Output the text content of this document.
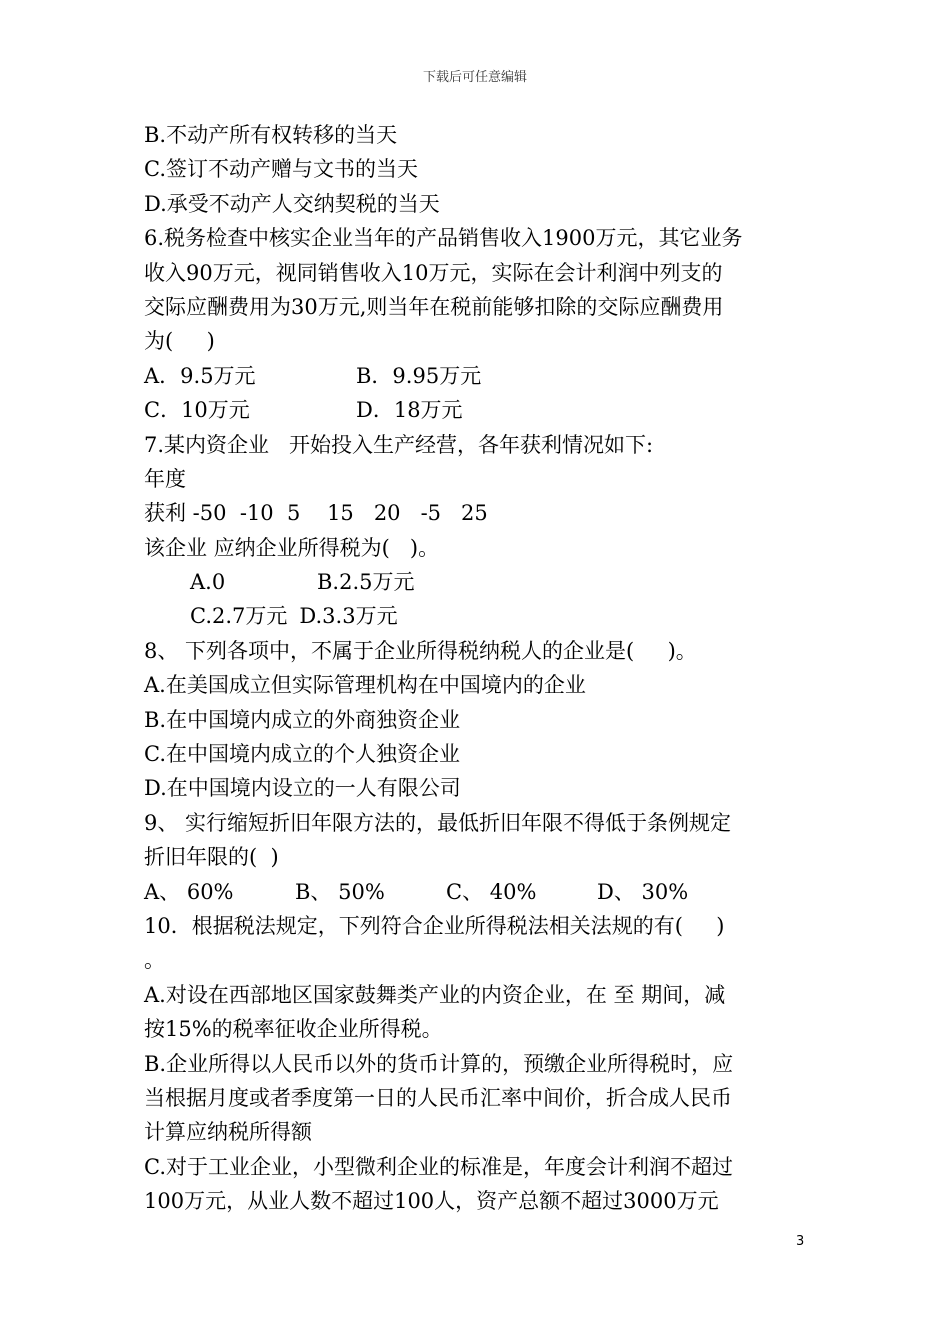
下载后可任意编辑
B.不动产所有权转移的当天
C.签订不动产赠与文书的当天
D.承受不动产人交纳契税的当天
6.税务检查中核实企业当年的产品销售收入1900万元，其它业务
收入90万元，视同销售收入10万元，实际在会计利润中列支的
交际应酬费用为30万元,则当年在税前能够扣除的交际应酬费用
为(     )
A．9.5万元	B．9.95万元
C．10万元	D．18万元
7.某内资企业   开始投入生产经营，各年获利情况如下:
年度
获利 -50  -10  5    15   20   -5   25
该企业 应纳企业所得税为(   )。
A.0	B.2.5万元
C.2.7万元 D.3.3万元
8、 下列各项中，不属于企业所得税纳税人的企业是(     )。
A.在美国成立但实际管理机构在中国境内的企业
B.在中国境内成立的外商独资企业
C.在中国境内成立的个人独资企业
D.在中国境内设立的一人有限公司
9、 实行缩短折旧年限方法的，最低折旧年限不得低于条例规定
折旧年限的(  )
A、 60%	B、 50%	C、 40%	D、 30%
10．根据税法规定，下列符合企业所得税法相关法规的有(     )
。
A.对设在西部地区国家鼓舞类产业的内资企业，在 至 期间，减
按15%的税率征收企业所得税。
B.企业所得以人民币以外的货币计算的，预缴企业所得税时，应
当根据月度或者季度第一日的人民币汇率中间价，折合成人民币
计算应纳税所得额
C.对于工业企业，小型微利企业的标准是，年度会计利润不超过
100万元，从业人数不超过100人，资产总额不超过3000万元
3
